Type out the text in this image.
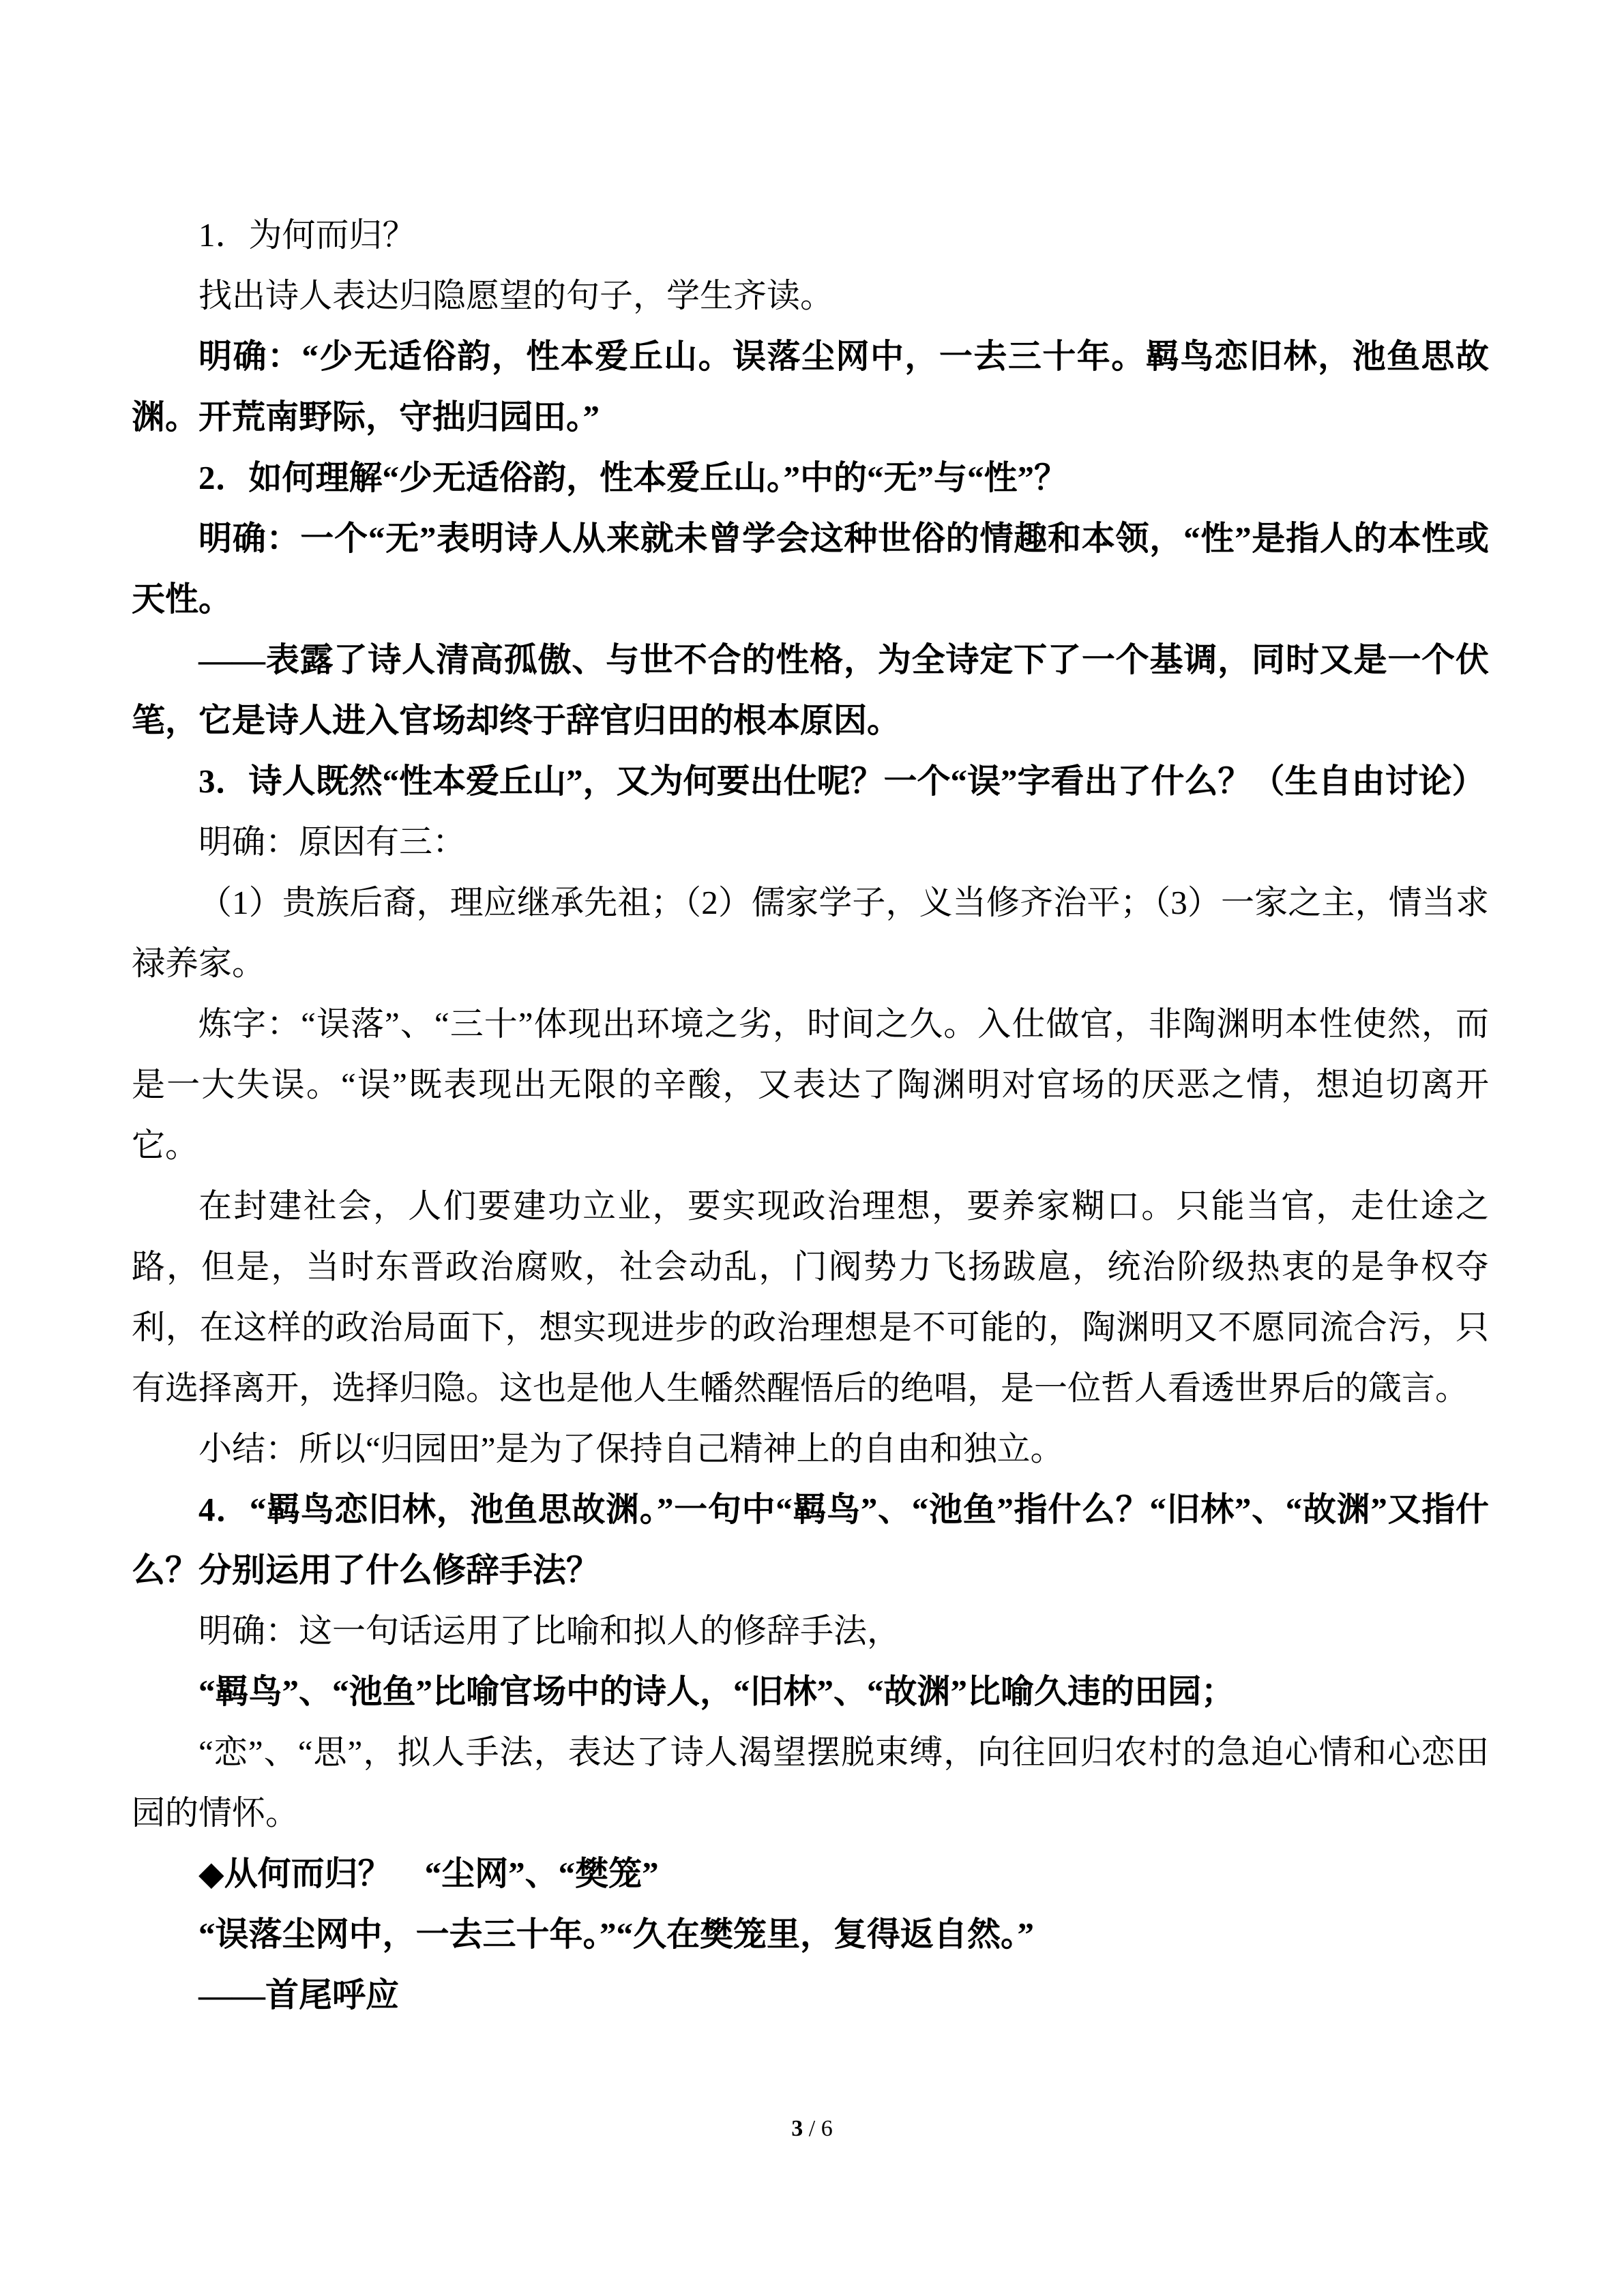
1．为何而归？

找出诗人表达归隐愿望的句子，学生齐读。

明确：“少无适俗韵，性本爱丘山。误落尘网中，一去三十年。羁鸟恋旧林，池鱼思故渊。开荒南野际，守拙归园田。”

2．如何理解“少无适俗韵，性本爱丘山。”中的“无”与“性”？

明确：一个“无”表明诗人从来就未曾学会这种世俗的情趣和本领，“性”是指人的本性或天性。

——表露了诗人清高孤傲、与世不合的性格，为全诗定下了一个基调，同时又是一个伏笔，它是诗人进入官场却终于辞官归田的根本原因。

3．诗人既然“性本爱丘山”，又为何要出仕呢？一个“误”字看出了什么？（生自由讨论）

明确：原因有三：

（1）贵族后裔，理应继承先祖；（2）儒家学子，义当修齐治平；（3）一家之主，情当求禄养家。

炼字：“误落”、“三十”体现出环境之劣，时间之久。入仕做官，非陶渊明本性使然，而是一大失误。“误”既表现出无限的辛酸，又表达了陶渊明对官场的厌恶之情，想迫切离开它。

在封建社会，人们要建功立业，要实现政治理想，要养家糊口。只能当官，走仕途之路，但是，当时东晋政治腐败，社会动乱，门阀势力飞扬跋扈，统治阶级热衷的是争权夺利，在这样的政治局面下，想实现进步的政治理想是不可能的，陶渊明又不愿同流合污，只有选择离开，选择归隐。这也是他人生幡然醒悟后的绝唱，是一位哲人看透世界后的箴言。

小结：所以“归园田”是为了保持自己精神上的自由和独立。

4．“羁鸟恋旧林，池鱼思故渊。”一句中“羁鸟”、“池鱼”指什么？“旧林”、“故渊”又指什么？分别运用了什么修辞手法？

明确：这一句话运用了比喻和拟人的修辞手法，

“羁鸟”、“池鱼”比喻官场中的诗人，“旧林”、“故渊”比喻久违的田园；

“恋”、“思”，拟人手法，表达了诗人渴望摆脱束缚，向往回归农村的急迫心情和心恋田园的情怀。

◆从何而归？　“尘网”、“樊笼”

“误落尘网中，一去三十年。”“久在樊笼里，复得返自然。”

——首尾呼应

3 / 6
